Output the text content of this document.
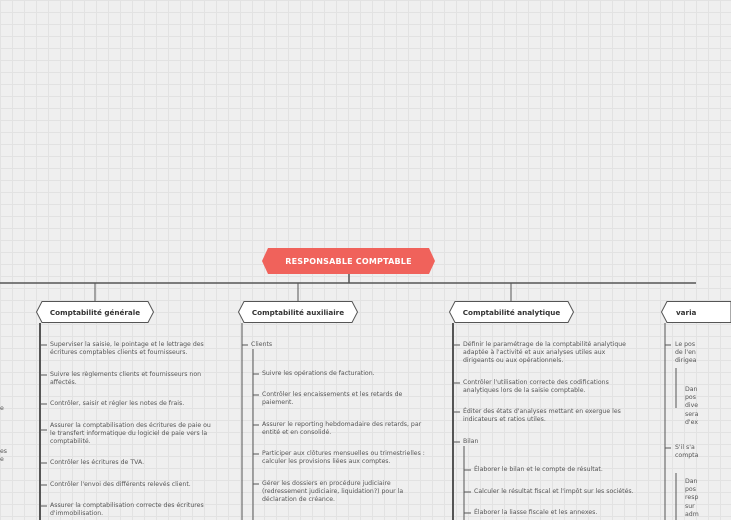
RESPONSABLE COMPTABLE
Comptabilité générale	Comptabilité auxiliaire	Comptabilité analytique	varia
Superviser la saisie, le pointage et le lettrage des
écritures comptables clients et fournisseurs.
Suivre les règlements clients et fournisseurs non
affectés.
Contrôler, saisir et régler les notes de frais.
Assurer la comptabilisation des écritures de paie ou
le transfert informatique du logiciel de paie vers la
comptabilité.
Contrôler les écritures de TVA.
Contrôler l'envoi des différents relevés client.
Assurer la comptabilisation correcte des écritures
d'immobilisation.
Clients
Suivre les opérations de facturation.
Contrôler les encaissements et les retards de
paiement.
Assurer le reporting hebdomadaire des retards, par
entité et en consolidé.
Participer aux clôtures mensuelles ou trimestrielles :
calculer les provisions liées aux comptes.
Gérer les dossiers en procédure judiciaire
(redressement judiciaire, liquidation?) pour la
déclaration de créance.
Définir le paramétrage de la comptabilité analytique
adaptée à l'activité et aux analyses utiles aux
dirigeants ou aux opérationnels.
Contrôler l'utilisation correcte des codifications
analytiques lors de la saisie comptable.
Éditer des états d'analyses mettant en exergue les
indicateurs et ratios utiles.
Bilan
Élaborer le bilan et le compte de résultat.
Calculer le résultat fiscal et l'impôt sur les sociétés.
Élaborer la liasse fiscale et les annexes.
Le pos
de l'en
dirigea
Dan
pos
dive
sera
d'ex
S'il s'a
compta
Dan
pos
resp
sur
adm
e
es
e
